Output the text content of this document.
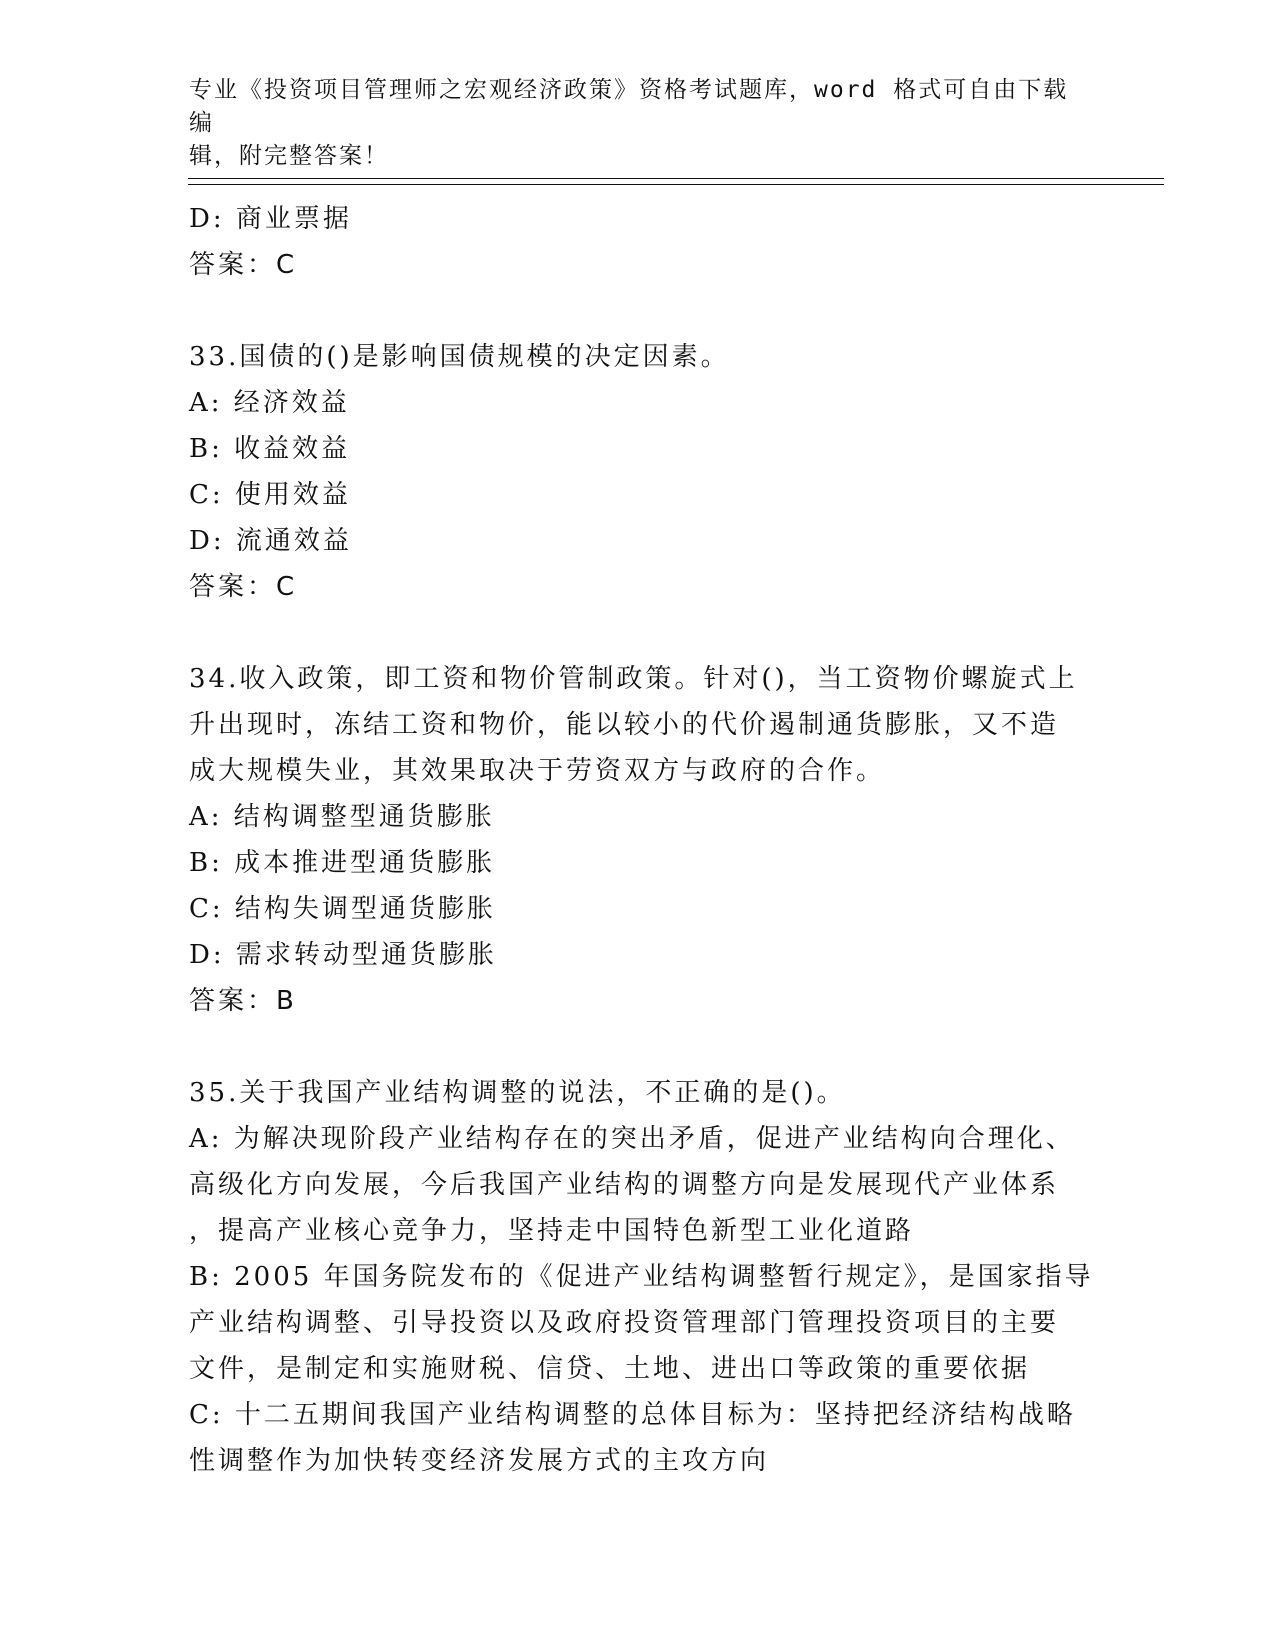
专业《投资项目管理师之宏观经济政策》资格考试题库，word 格式可自由下载编
辑，附完整答案！
D: 商业票据
答案：C
33.国债的()是影响国债规模的决定因素。
A: 经济效益
B: 收益效益
C: 使用效益
D: 流通效益
答案：C
34.收入政策，即工资和物价管制政策。针对()，当工资物价螺旋式上
升出现时，冻结工资和物价，能以较小的代价遏制通货膨胀，又不造
成大规模失业，其效果取决于劳资双方与政府的合作。
A: 结构调整型通货膨胀
B: 成本推进型通货膨胀
C: 结构失调型通货膨胀
D: 需求转动型通货膨胀
答案：B
35.关于我国产业结构调整的说法，不正确的是()。
A: 为解决现阶段产业结构存在的突出矛盾，促进产业结构向合理化、
高级化方向发展，今后我国产业结构的调整方向是发展现代产业体系
，提高产业核心竞争力，坚持走中国特色新型工业化道路
B: 2005 年国务院发布的《促进产业结构调整暂行规定》，是国家指导
产业结构调整、引导投资以及政府投资管理部门管理投资项目的主要
文件，是制定和实施财税、信贷、土地、进出口等政策的重要依据
C: 十二五期间我国产业结构调整的总体目标为：坚持把经济结构战略
性调整作为加快转变经济发展方式的主攻方向
